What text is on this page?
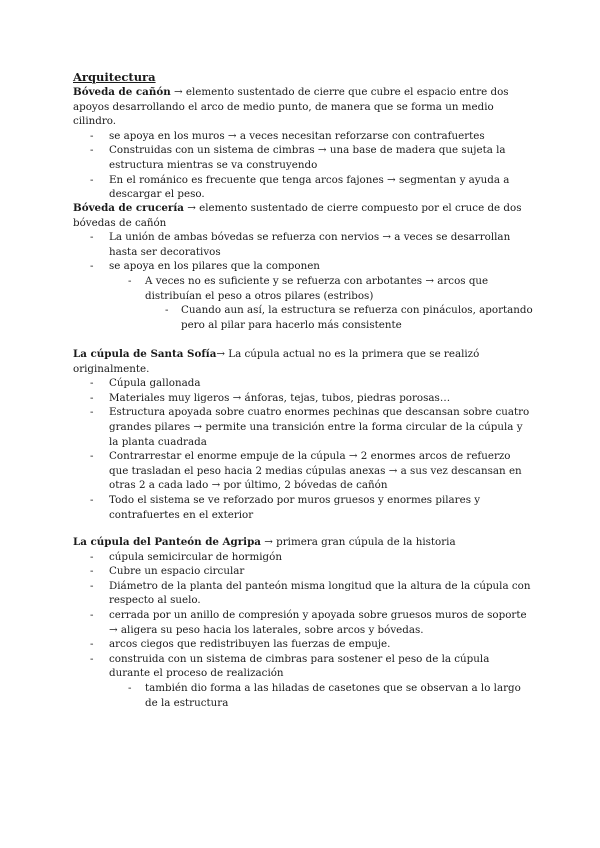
Arquitectura
Bóveda de cañón → elemento sustentado de cierre que cubre el espacio entre dos apoyos desarrollando el arco de medio punto, de manera que se forma un medio cilindro.
- se apoya en los muros → a veces necesitan reforzarse con contrafuertes
- Construidas con un sistema de cimbras → una base de madera que sujeta la estructura mientras se va construyendo
- En el románico es frecuente que tenga arcos fajones → segmentan y ayuda a descargar el peso.
Bóveda de crucería → elemento sustentado de cierre compuesto por el cruce de dos bóvedas de cañón
- La unión de ambas bóvedas se refuerza con nervios → a veces se desarrollan hasta ser decorativos
- se apoya en los pilares que la componen
- A veces no es suficiente y se refuerza con arbotantes → arcos que distribuían el peso a otros pilares (estribos)
- Cuando aun así, la estructura se refuerza con pináculos, aportando pero al pilar para hacerlo más consistente
La cúpula de Santa Sofía→ La cúpula actual no es la primera que se realizó originalmente.
- Cúpula gallonada
- Materiales muy ligeros → ánforas, tejas, tubos, piedras porosas…
- Estructura apoyada sobre cuatro enormes pechinas que descansan sobre cuatro grandes pilares → permite una transición entre la forma circular de la cúpula y la planta cuadrada
- Contrarrestar el enorme empuje de la cúpula → 2 enormes arcos de refuerzo que trasladan el peso hacia 2 medias cúpulas anexas → a sus vez descansan en otras 2 a cada lado → por último, 2 bóvedas de cañón
- Todo el sistema se ve reforzado por muros gruesos y enormes pilares y contrafuertes en el exterior
La cúpula del Panteón de Agripa → primera gran cúpula de la historia
- cúpula semicircular de hormigón
- Cubre un espacio circular
- Diámetro de la planta del panteón misma longitud que la altura de la cúpula con respecto al suelo.
- cerrada por un anillo de compresión y apoyada sobre gruesos muros de soporte → aligera su peso hacia los laterales, sobre arcos y bóvedas.
- arcos ciegos que redistribuyen las fuerzas de empuje.
- construida con un sistema de cimbras para sostener el peso de la cúpula durante el proceso de realización
- también dio forma a las hiladas de casetones que se observan a lo largo de la estructura
